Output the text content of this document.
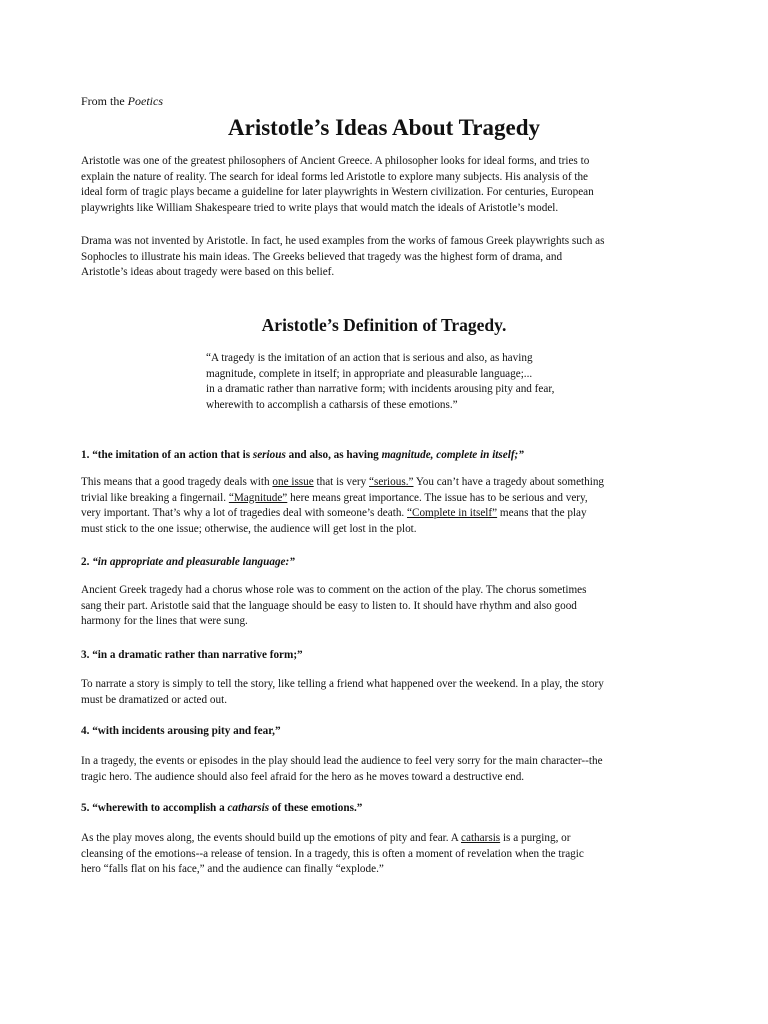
From the Poetics

Aristotle’s Ideas About Tragedy

Aristotle was one of the greatest philosophers of Ancient Greece. A philosopher looks for ideal forms, and tries to
explain the nature of reality. The search for ideal forms led Aristotle to explore many subjects. His analysis of the
ideal form of tragic plays became a guideline for later playwrights in Western civilization. For centuries, European
playwrights like William Shakespeare tried to write plays that would match the ideals of Aristotle’s model.

Drama was not invented by Aristotle. In fact, he used examples from the works of famous Greek playwrights such as
Sophocles to illustrate his main ideas. The Greeks believed that tragedy was the highest form of drama, and
Aristotle’s ideas about tragedy were based on this belief.

Aristotle’s Definition of Tragedy.

“A tragedy is the imitation of an action that is serious and also, as having
magnitude, complete in itself; in appropriate and pleasurable language;...
in a dramatic rather than narrative form; with incidents arousing pity and fear,
wherewith to accomplish a catharsis of these emotions.”

1. “the imitation of an action that is serious and also, as having magnitude, complete in itself;”

This means that a good tragedy deals with one issue that is very “serious.” You can’t have a tragedy about something
trivial like breaking a fingernail. “Magnitude” here means great importance. The issue has to be serious and very,
very important. That’s why a lot of tragedies deal with someone’s death. “Complete in itself” means that the play
must stick to the one issue; otherwise, the audience will get lost in the plot.

2. “in appropriate and pleasurable language:”

Ancient Greek tragedy had a chorus whose role was to comment on the action of the play. The chorus sometimes
sang their part. Aristotle said that the language should be easy to listen to. It should have rhythm and also good
harmony for the lines that were sung.

3. “in a dramatic rather than narrative form;”

To narrate a story is simply to tell the story, like telling a friend what happened over the weekend. In a play, the story
must be dramatized or acted out.

4. “with incidents arousing pity and fear,”

In a tragedy, the events or episodes in the play should lead the audience to feel very sorry for the main character--the
tragic hero. The audience should also feel afraid for the hero as he moves toward a destructive end.

5. “wherewith to accomplish a catharsis of these emotions.”

As the play moves along, the events should build up the emotions of pity and fear. A catharsis is a purging, or
cleansing of the emotions--a release of tension. In a tragedy, this is often a moment of revelation when the tragic
hero “falls flat on his face,” and the audience can finally “explode.”
